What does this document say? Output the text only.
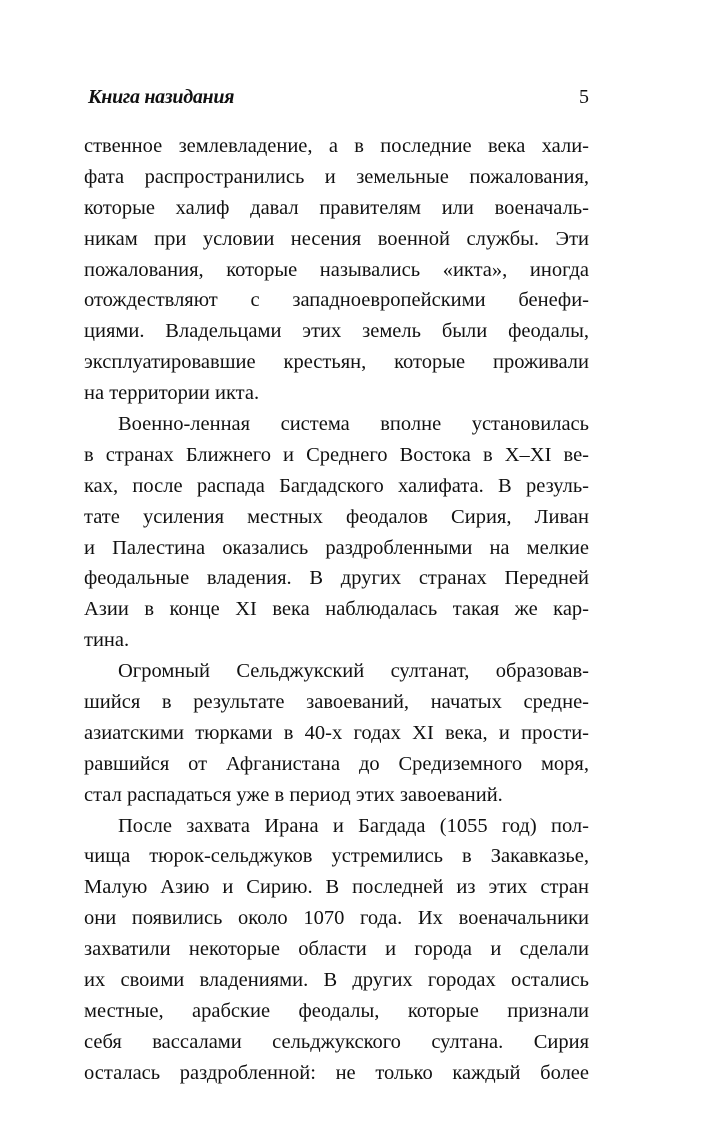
Книга назидания	5
ственное землевладение, а в последние века хали-
фата распространились и земельные пожалования,
которые халиф давал правителям или военачаль-
никам при условии несения военной службы. Эти
пожалования, которые назывались «икта», иногда
отождествляют с западноевропейскими бенефи-
циями. Владельцами этих земель были феодалы,
эксплуатировавшие крестьян, которые проживали
на территории икта.
Военно-ленная система вполне установилась
в странах Ближнего и Среднего Востока в X–XI ве-
ках, после распада Багдадского халифата. В резуль-
тате усиления местных феодалов Сирия, Ливан
и Палестина оказались раздробленными на мелкие
феодальные владения. В других странах Передней
Азии в конце XI века наблюдалась такая же кар-
тина.
Огромный Сельджукский султанат, образовав-
шийся в результате завоеваний, начатых средне-
азиатскими тюрками в 40-х годах XI века, и прости-
равшийся от Афганистана до Средиземного моря,
стал распадаться уже в период этих завоеваний.
После захвата Ирана и Багдада (1055 год) пол-
чища тюрок-сельджуков устремились в Закавказье,
Малую Азию и Сирию. В последней из этих стран
они появились около 1070 года. Их военачальники
захватили некоторые области и города и сделали
их своими владениями. В других городах остались
местные, арабские феодалы, которые признали
себя вассалами сельджукского султана. Сирия
осталась раздробленной: не только каждый более
